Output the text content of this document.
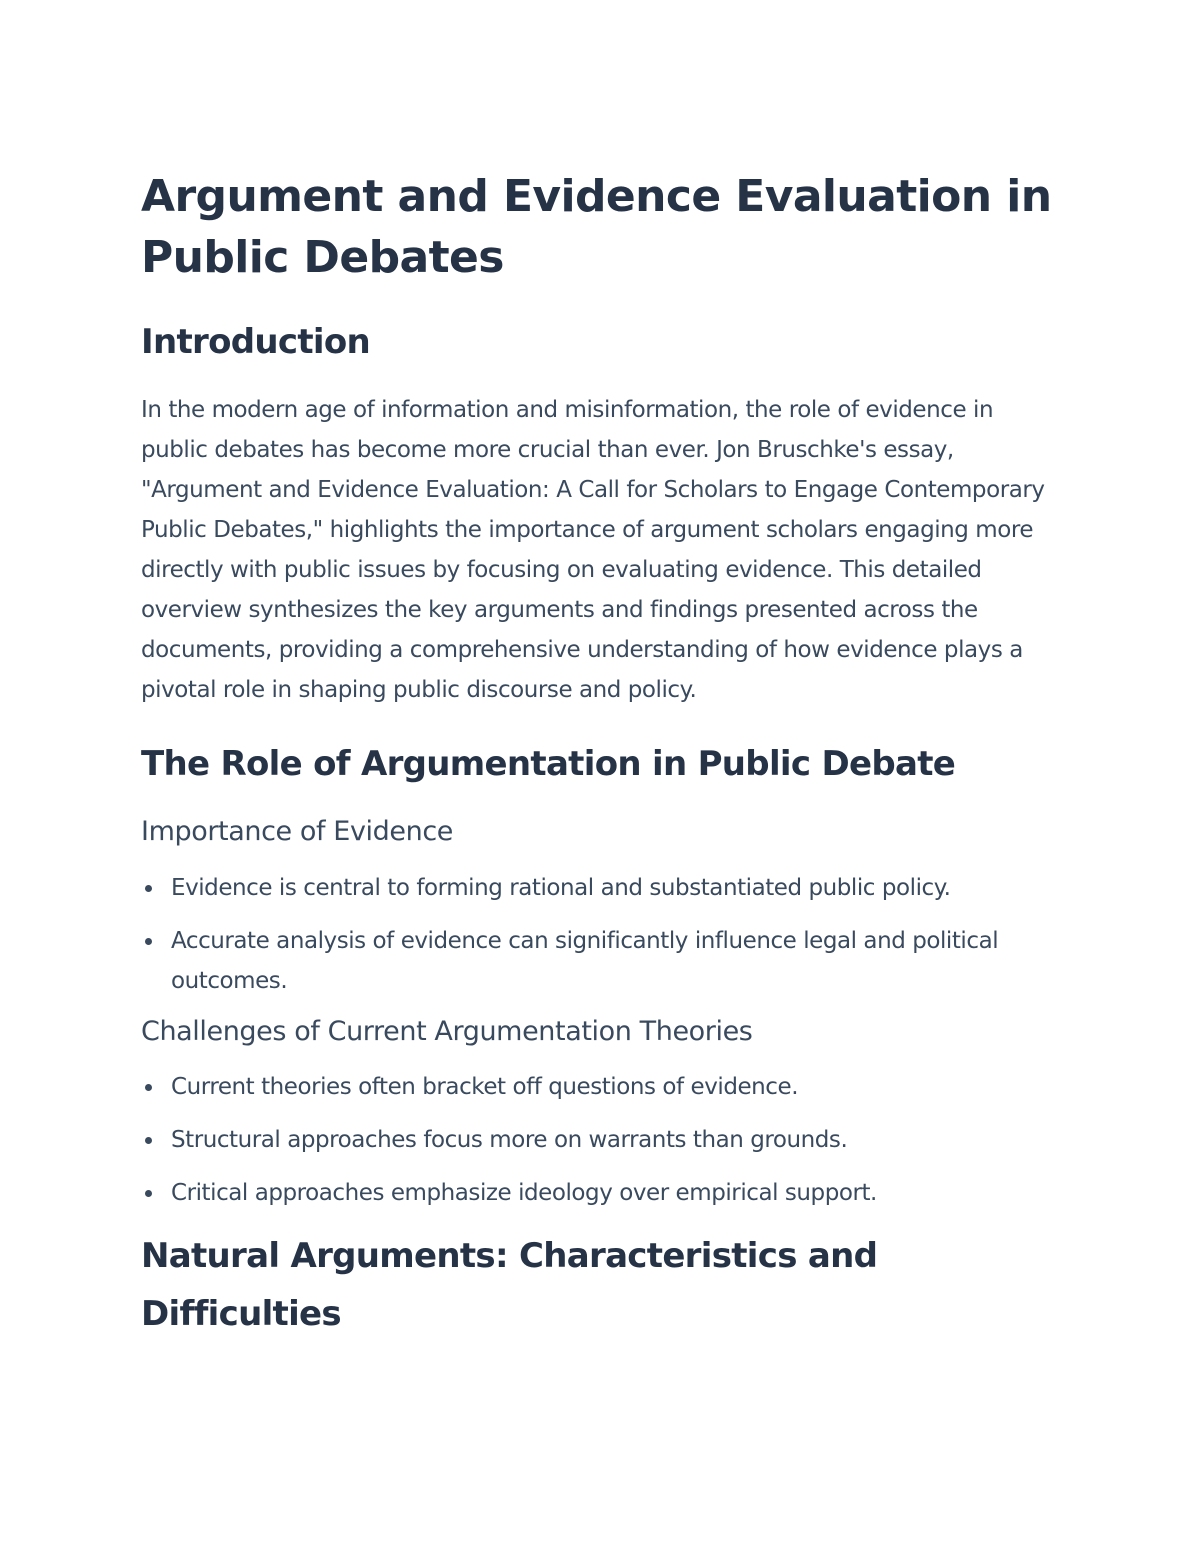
Argument and Evidence Evaluation in Public Debates
Introduction

In the modern age of information and misinformation, the role of evidence in public debates has become more crucial than ever. Jon Bruschke's essay, "Argument and Evidence Evaluation: A Call for Scholars to Engage Contemporary Public Debates," highlights the importance of argument scholars engaging more directly with public issues by focusing on evaluating evidence. This detailed overview synthesizes the key arguments and findings presented across the documents, providing a comprehensive understanding of how evidence plays a pivotal role in shaping public discourse and policy.

The Role of Argumentation in Public Debate
Importance of Evidence
Evidence is central to forming rational and substantiated public policy.
Accurate analysis of evidence can significantly influence legal and political outcomes.
Challenges of Current Argumentation Theories
Current theories often bracket off questions of evidence.
Structural approaches focus more on warrants than grounds.
Critical approaches emphasize ideology over empirical support.
Natural Arguments: Characteristics and Difficulties
